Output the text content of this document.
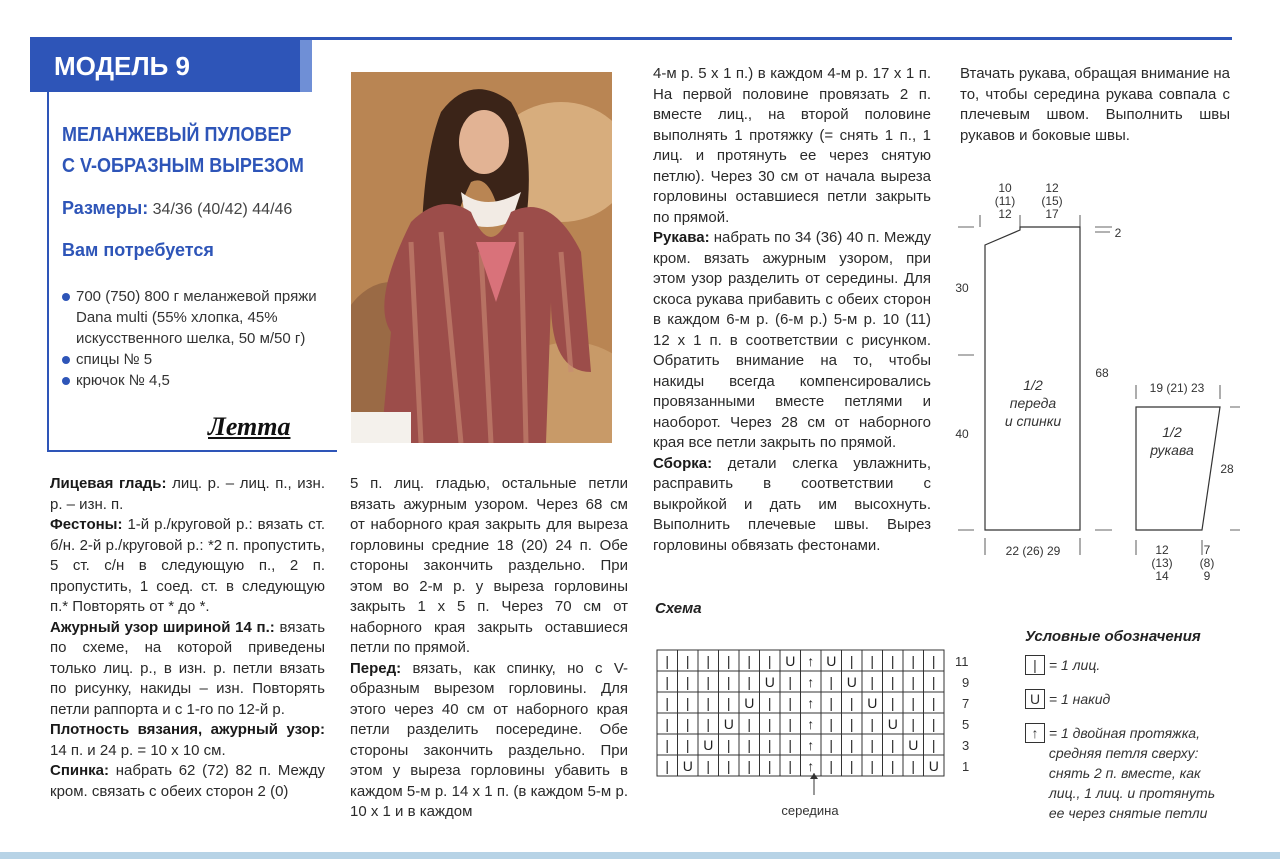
МОДЕЛЬ 9
МЕЛАНЖЕВЫЙ ПУЛОВЕР
С V-ОБРАЗНЫМ ВЫРЕЗОМ
Размеры: 34/36 (40/42) 44/46
Вам потребуется
700 (750) 800 г меланжевой пряжи Dana multi (55% хлопка, 45% искусственного шелка, 50 м/50 г)
спицы № 5
крючок № 4,5
Летта

Лицевая гладь: лиц. р. – лиц. п., изн. р. – изн. п.

Фестоны: 1-й р./круговой р.: вязать ст. б/н. 2-й р./круговой р.: *2 п. пропустить, 5 ст. с/н в следующую п., 2 п. пропустить, 1 соед. ст. в следующую п.* Повторять от * до *.

Ажурный узор шириной 14 п.: вязать по схеме, на которой приведены только лиц. р., в изн. р. петли вязать по рисунку, накиды – изн. Повторять петли раппорта и с 1-го по 12-й р.

Плотность вязания, ажурный узор: 14 п. и 24 р. = 10 x 10 см.

Спинка: набрать 62 (72) 82 п. Между кром. связать с обеих сторон 2 (0)

5 п. лиц. гладью, остальные петли вязать ажурным узором. Через 68 см от наборного края закрыть для выреза горловины средние 18 (20) 24 п. Обе стороны закончить раздельно. При этом во 2-м р. у выреза горловины закрыть 1 x 5 п. Через 70 см от наборного края закрыть оставшиеся петли по прямой.

Перед: вязать, как спинку, но с V-образным вырезом горловины. Для этого через 40 см от наборного края петли разделить посередине. Обе стороны закончить раздельно. При этом у выреза горловины убавить в каждом 5-м р. 14 x 1 п. (в каждом 5-м р. 10 x 1 и в каждом

4-м р. 5 x 1 п.) в каждом 4-м р. 17 x 1 п. На первой половине провязать 2 п. вместе лиц., на второй половине выполнять 1 протяжку (= снять 1 п., 1 лиц. и протянуть ее через снятую петлю). Через 30 см от начала выреза горловины оставшиеся петли закрыть по прямой.

Рукава: набрать по 34 (36) 40 п. Между кром. вязать ажурным узором, при этом узор разделить от середины. Для скоса рукава прибавить с обеих сторон в каждом 6-м р. (6-м р.) 5-м р. 10 (11) 12 x 1 п. в соответствии с рисунком. Обратить внимание на то, чтобы накиды всегда компенсировались провязанными вместе петлями и наоборот. Через 28 см от наборного края все петли закрыть по прямой.

Сборка: детали слегка увлажнить, расправить в соответствии с выкройкой и дать им высохнуть. Выполнить плечевые швы. Вырез горловины обвязать фестонами.

Втачать рукава, обращая внимание на то, чтобы середина рукава совпала с плечевым швом. Выполнить швы рукавов и боковые швы.

10
(11)
12
12
(15)
17
2
30
40
68
22 (26) 29
19 (21) 23
28
12
(13)
14
7
(8)
9
1/2
переда
и спинки
1/2
рукава
Схема
| | | | | | U ↑ U | | | | |
| | | | | U | ↑ | U | | | |
| | | | U | | ↑ | | U | | |
| | | U | | | ↑ | | | U | |
| | U | | | | ↑ | | | | U |
| U | | | | | ↑ | | | | | U
11
9
7
5
3
1
середина
Условные обозначения
| = 1 лиц.
U = 1 накид
↑ = 1 двойная протяжка,
средняя петля сверху:
снять 2 п. вместе, как
лиц., 1 лиц. и протянуть
ее через снятые петли
